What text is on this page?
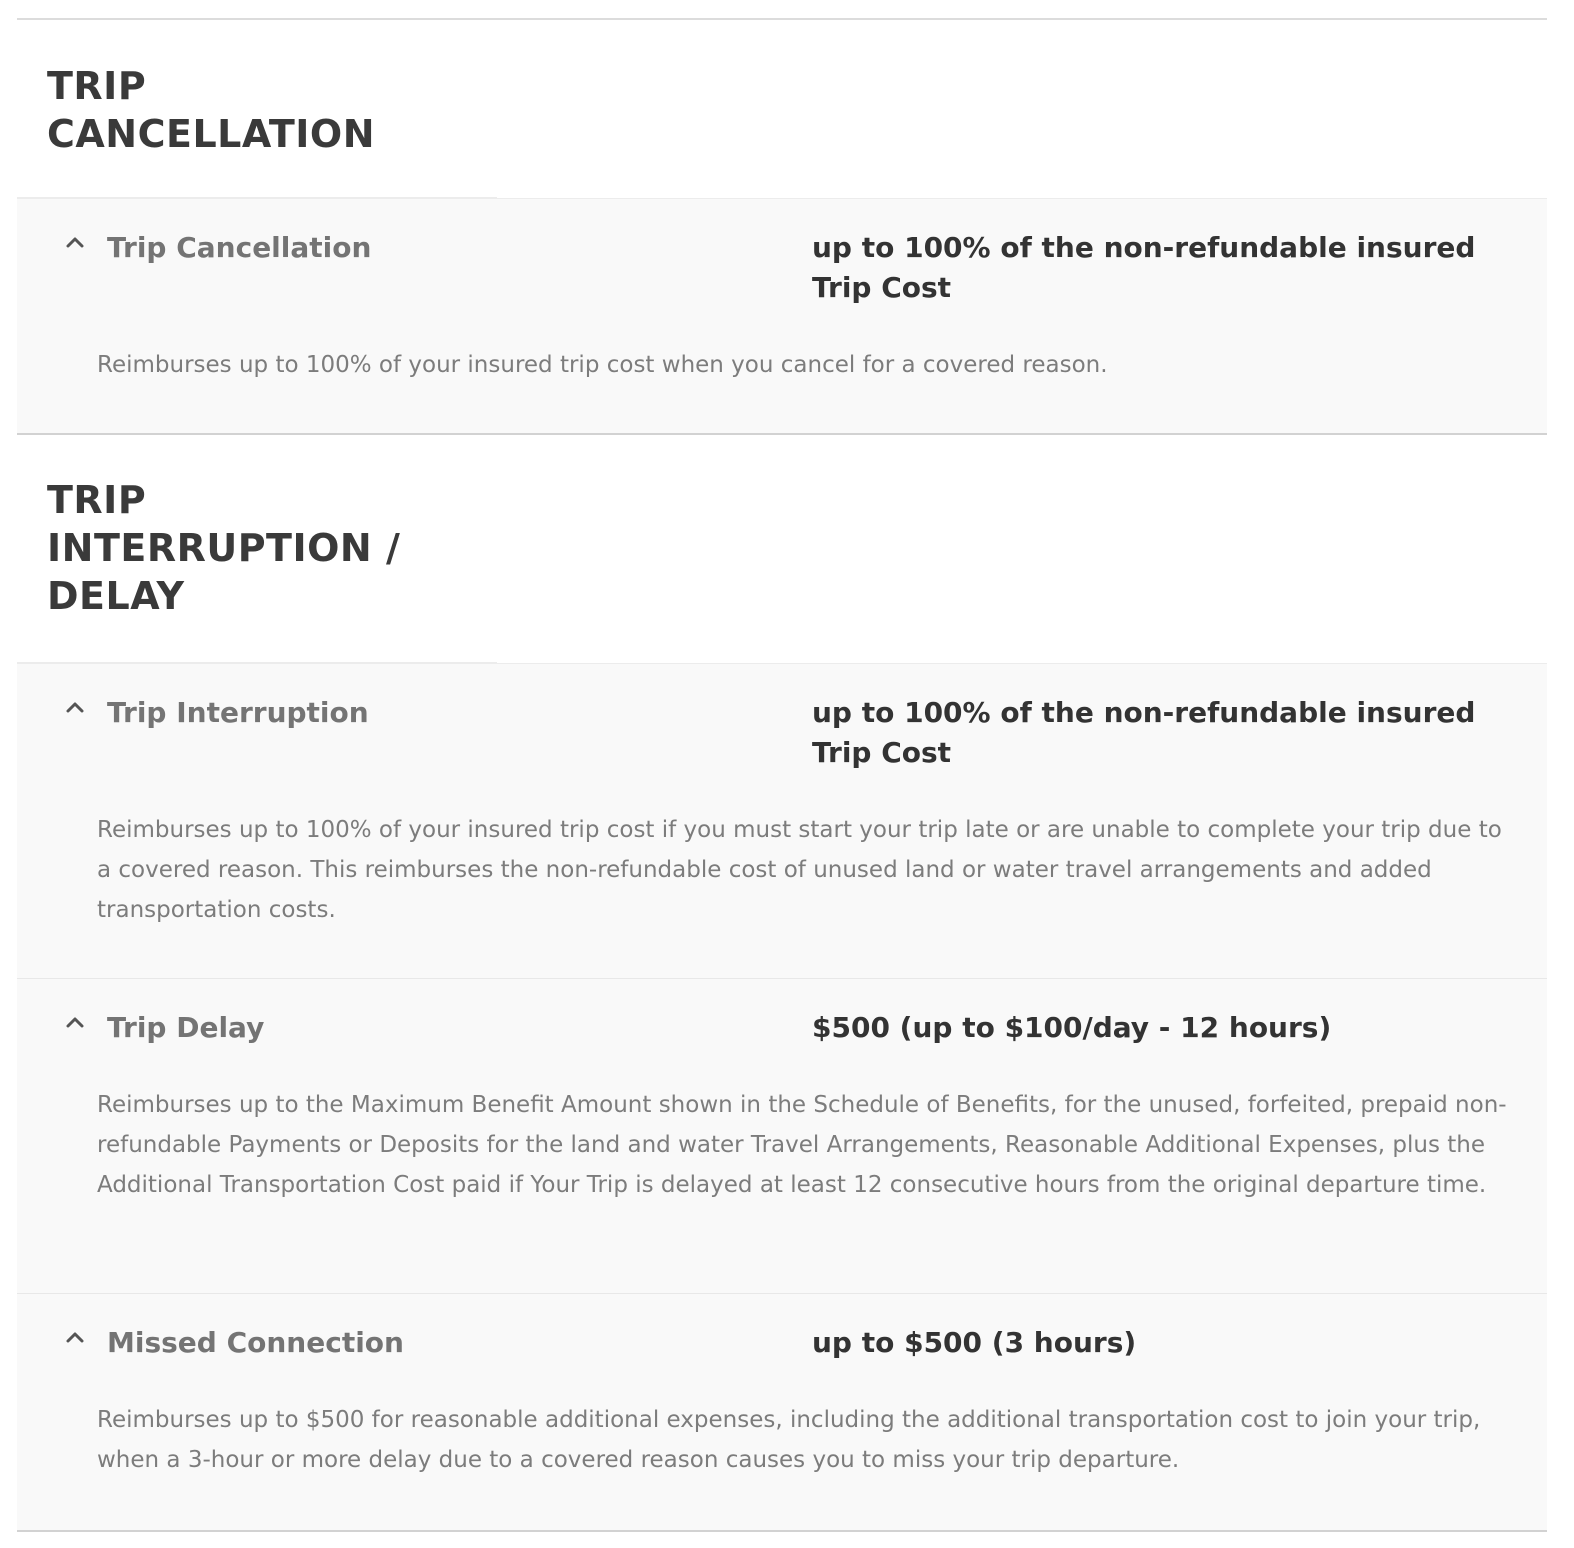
TRIP
CANCELLATION
Trip Cancellation	up to 100% of the non-refundable insured Trip Cost
Reimburses up to 100% of your insured trip cost when you cancel for a covered reason.
TRIP
INTERRUPTION /
DELAY
Trip Interruption	up to 100% of the non-refundable insured Trip Cost
Reimburses up to 100% of your insured trip cost if you must start your trip late or are unable to complete your trip due to a covered reason. This reimburses the non-refundable cost of unused land or water travel arrangements and added transportation costs.
Trip Delay	$500 (up to $100/day - 12 hours)
Reimburses up to the Maximum Benefit Amount shown in the Schedule of Benefits, for the unused, forfeited, prepaid non-refundable Payments or Deposits for the land and water Travel Arrangements, Reasonable Additional Expenses, plus the Additional Transportation Cost paid if Your Trip is delayed at least 12 consecutive hours from the original departure time.
Missed Connection	up to $500 (3 hours)
Reimburses up to $500 for reasonable additional expenses, including the additional transportation cost to join your trip, when a 3-hour or more delay due to a covered reason causes you to miss your trip departure.
